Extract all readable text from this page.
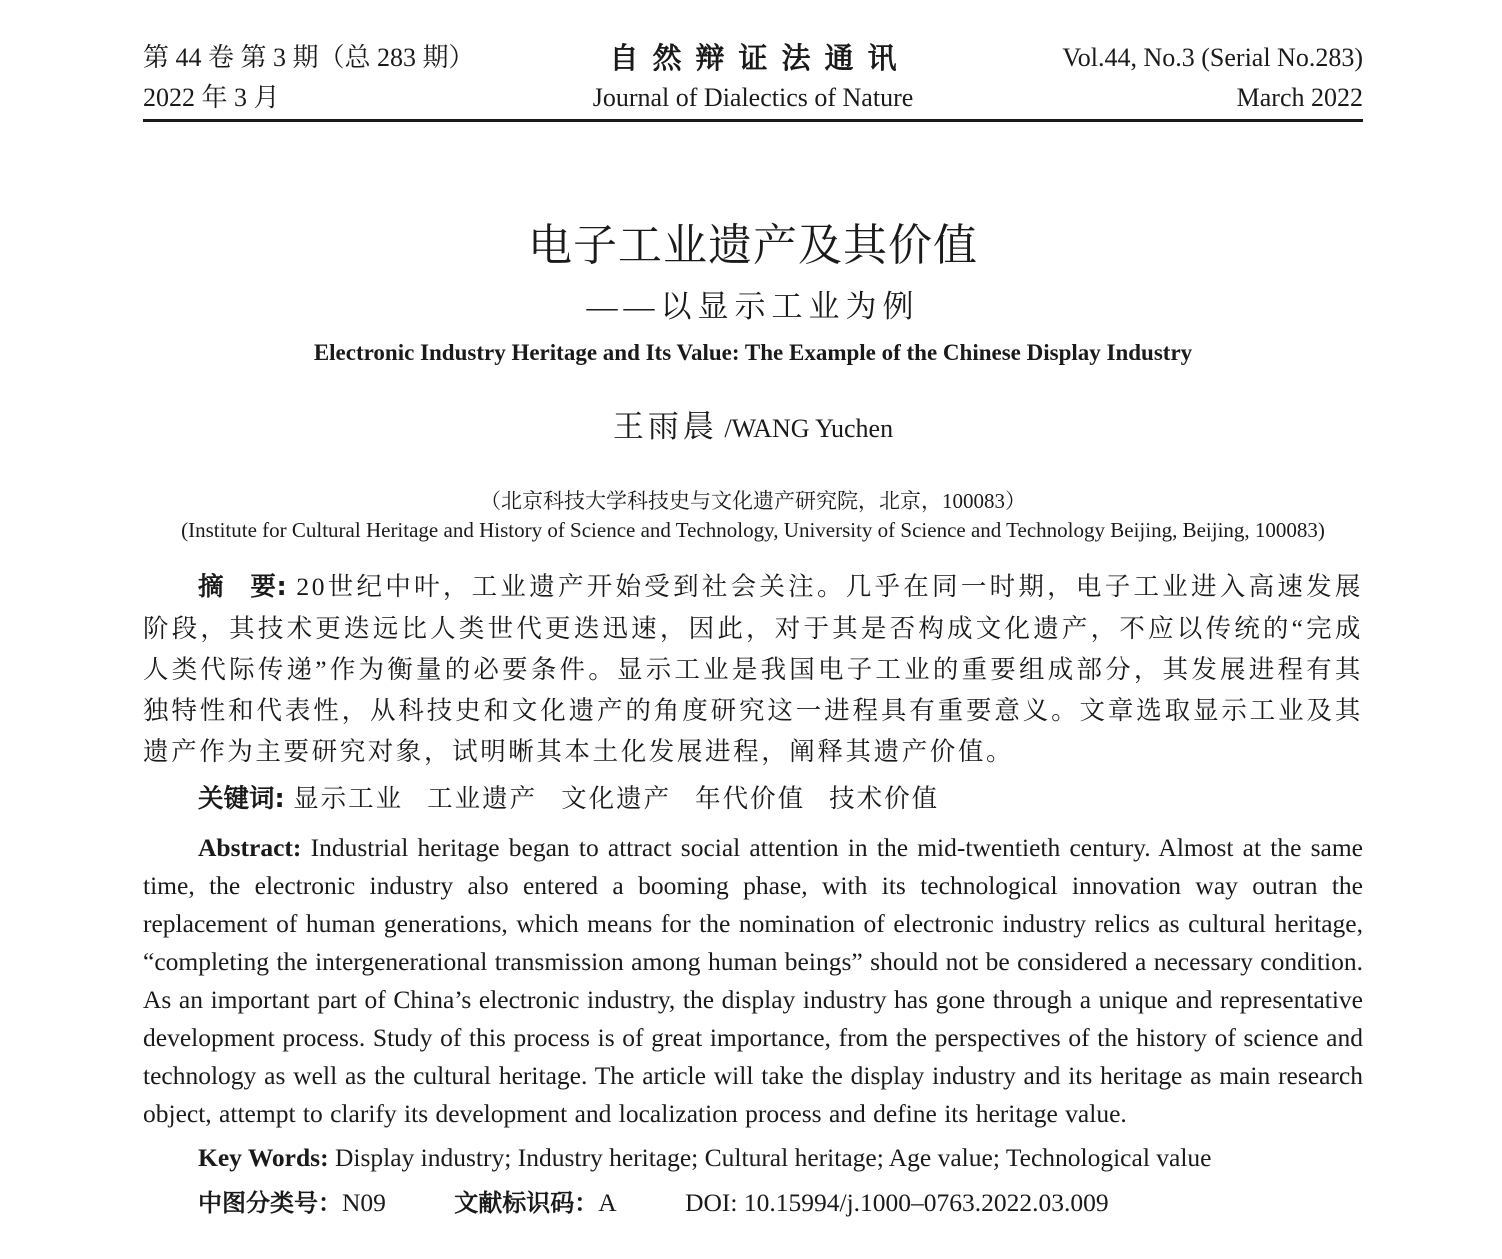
第 44 卷 第 3 期（总 283 期）	自然辩证法通讯	Vol.44, No.3 (Serial No.283)
2022 年 3 月	Journal of Dialectics of Nature	March 2022
电子工业遗产及其价值
——以显示工业为例
Electronic Industry Heritage and Its Value: The Example of the Chinese Display Industry
王雨晨 /WANG Yuchen
（北京科技大学科技史与文化遗产研究院，北京，100083）
(Institute for Cultural Heritage and History of Science and Technology, University of Science and Technology Beijing, Beijing, 100083)
摘　要: 20世纪中叶，工业遗产开始受到社会关注。几乎在同一时期，电子工业进入高速发展阶段，其技术更迭远比人类世代更迭迅速，因此，对于其是否构成文化遗产，不应以传统的“完成人类代际传递”作为衡量的必要条件。显示工业是我国电子工业的重要组成部分，其发展进程有其独特性和代表性，从科技史和文化遗产的角度研究这一进程具有重要意义。文章选取显示工业及其遗产作为主要研究对象，试明晰其本土化发展进程，阐释其遗产价值。
关键词: 显示工业 工业遗产 文化遗产 年代价值 技术价值
Abstract: Industrial heritage began to attract social attention in the mid-twentieth century. Almost at the same time, the electronic industry also entered a booming phase, with its technological innovation way outran the replacement of human generations, which means for the nomination of electronic industry relics as cultural heritage, “completing the intergenerational transmission among human beings” should not be considered a necessary condition. As an important part of China’s electronic industry, the display industry has gone through a unique and representative development process. Study of this process is of great importance, from the perspectives of the history of science and technology as well as the cultural heritage. The article will take the display industry and its heritage as main research object, attempt to clarify its development and localization process and define its heritage value.
Key Words: Display industry; Industry heritage; Cultural heritage; Age value; Technological value
中图分类号：N09	文献标识码：A	DOI: 10.15994/j.1000–0763.2022.03.009
